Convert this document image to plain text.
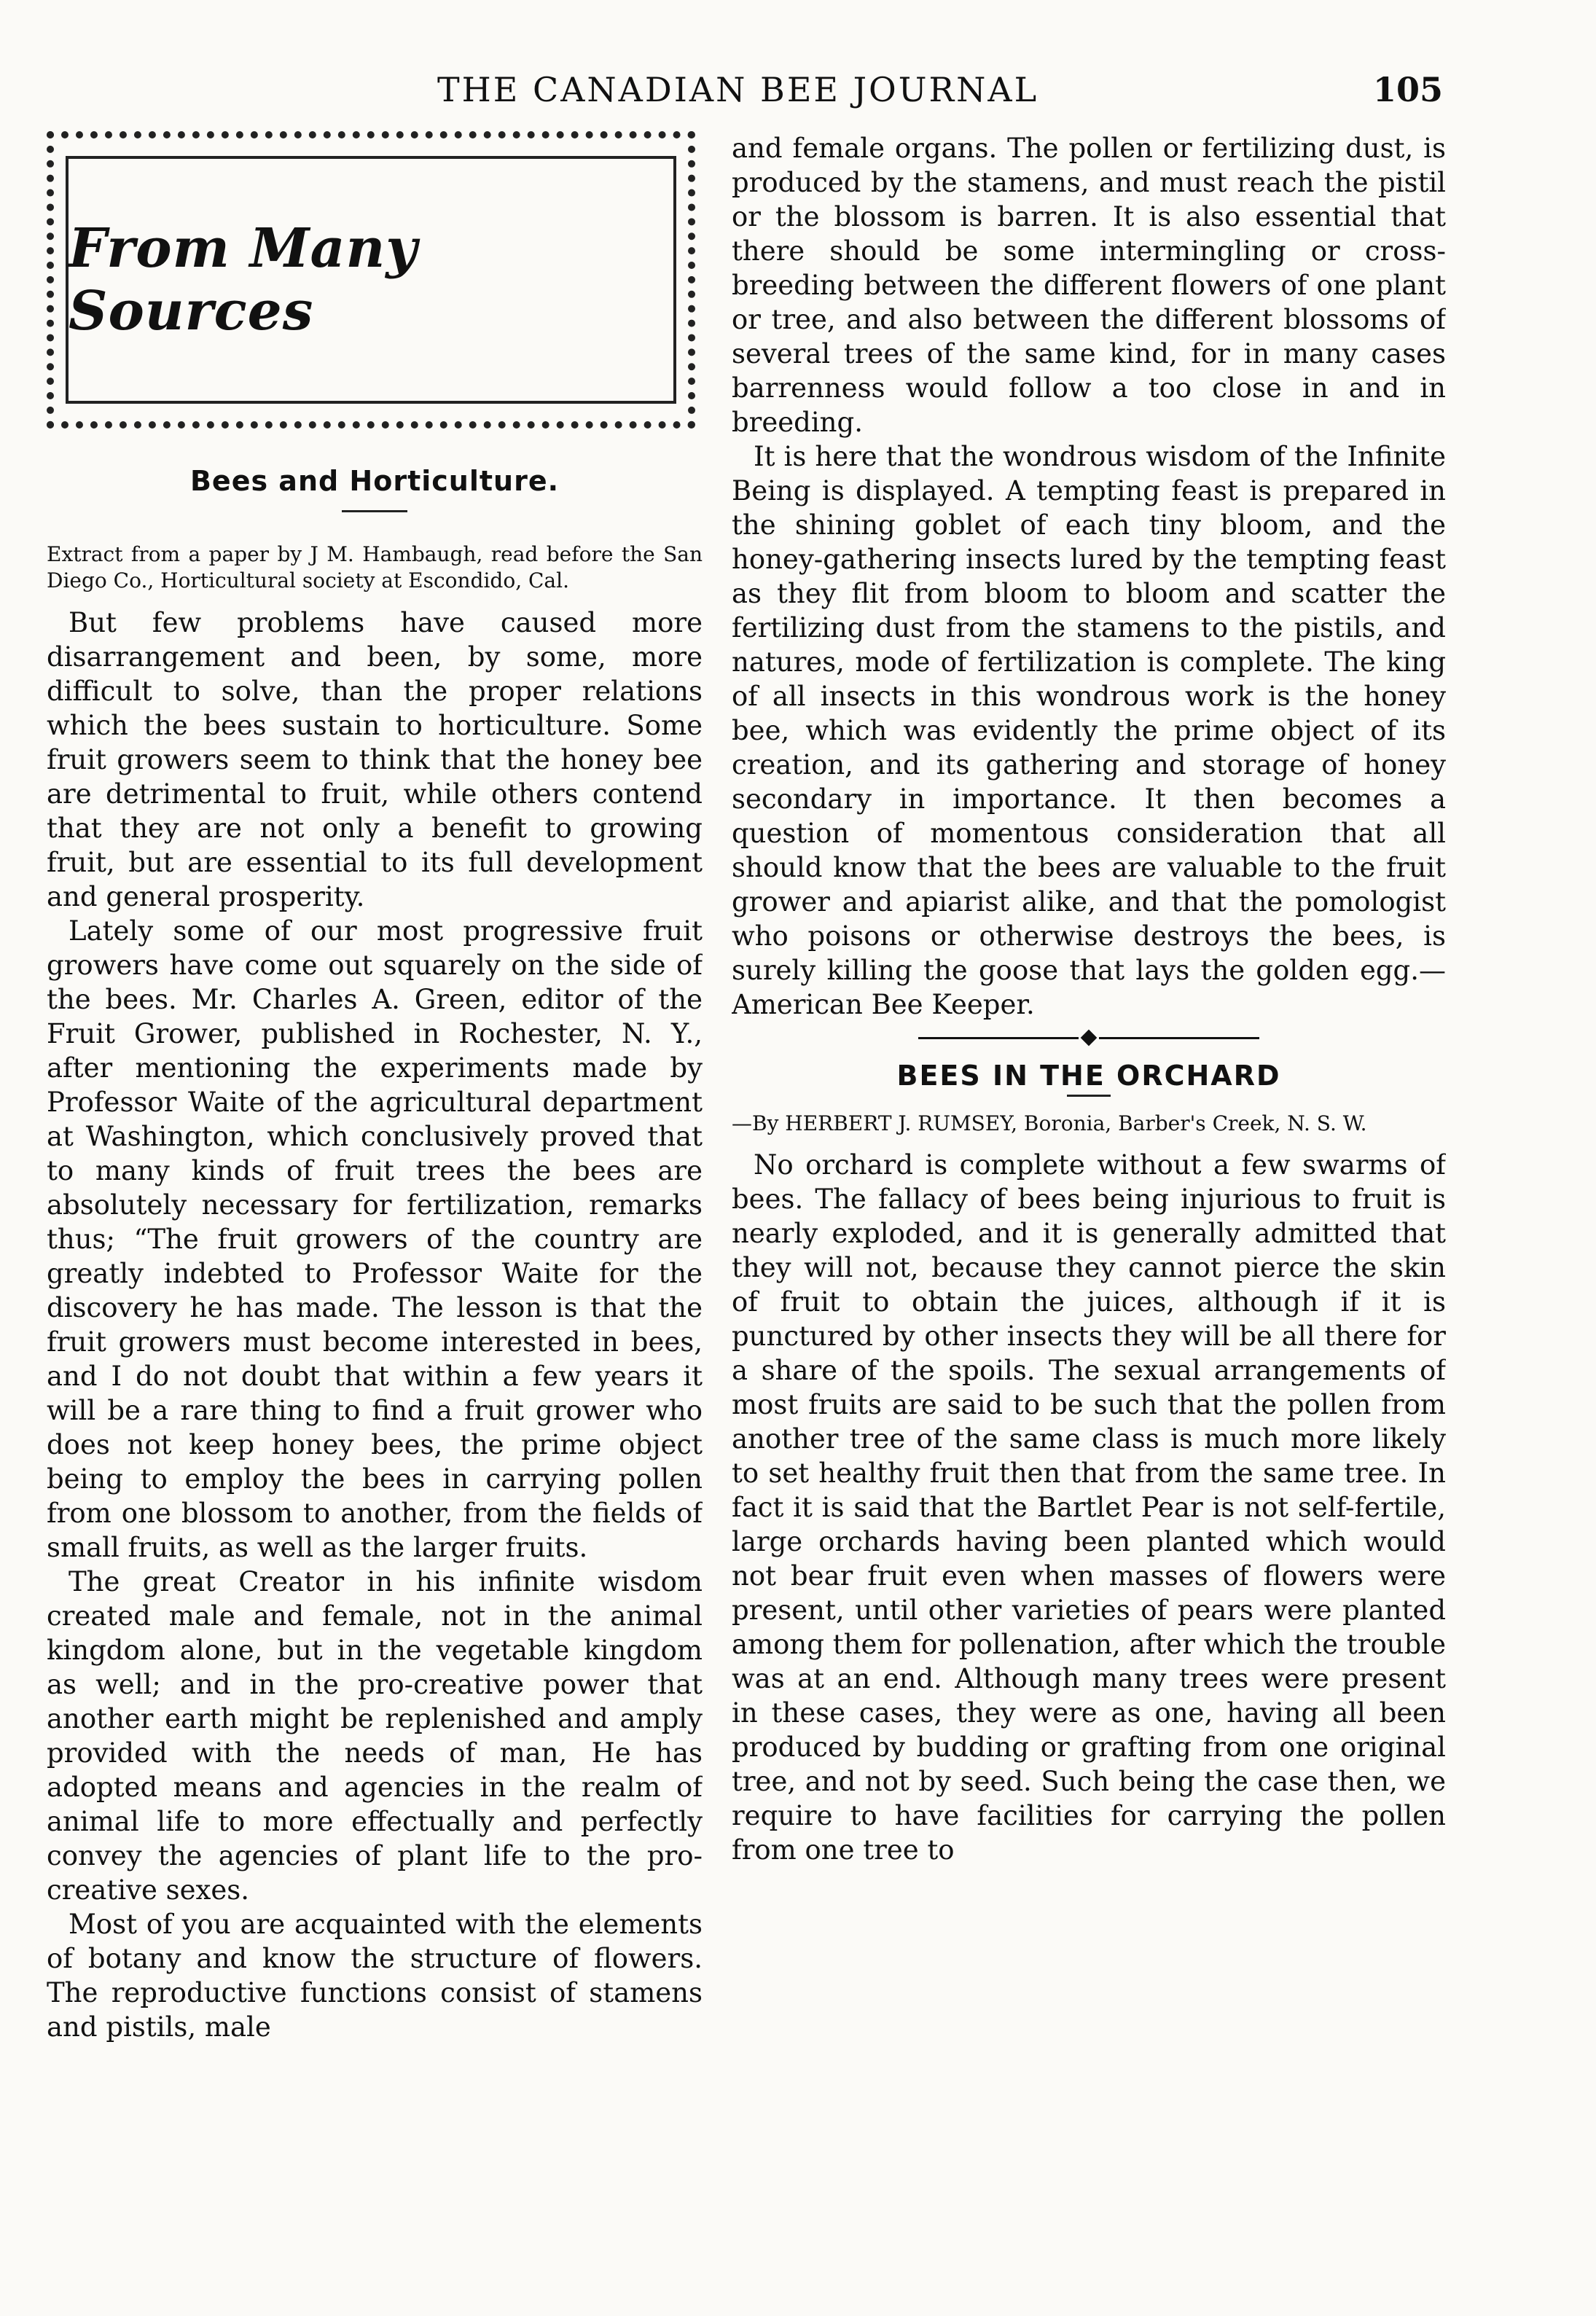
THE CANADIAN BEE JOURNAL	105
From Many Sources
Bees and Horticulture.

Extract from a paper by J M. Hambaugh, read before the San Diego Co., Horticultural society at Escondido, Cal.

But few problems have caused more disarrangement and been, by some, more difficult to solve, than the proper relations which the bees sustain to horticulture. Some fruit growers seem to think that the honey bee are detrimental to fruit, while others contend that they are not only a benefit to growing fruit, but are essential to its full development and general prosperity.

Lately some of our most progressive fruit growers have come out squarely on the side of the bees. Mr. Charles A. Green, editor of the Fruit Grower, published in Rochester, N. Y., after mentioning the experiments made by Professor Waite of the agricultural department at Washington, which conclusively proved that to many kinds of fruit trees the bees are absolutely necessary for fertilization, remarks thus; “The fruit growers of the country are greatly indebted to Professor Waite for the discovery he has made. The lesson is that the fruit growers must become interested in bees, and I do not doubt that within a few years it will be a rare thing to find a fruit grower who does not keep honey bees, the prime object being to employ the bees in carrying pollen from one blossom to another, from the fields of small fruits, as well as the larger fruits.

The great Creator in his infinite wisdom created male and female, not in the animal kingdom alone, but in the vegetable kingdom as well; and in the pro-creative power that another earth might be replenished and amply provided with the needs of man, He has adopted means and agencies in the realm of animal life to more effectually and perfectly convey the agencies of plant life to the pro-creative sexes.

Most of you are acquainted with the elements of botany and know the structure of flowers. The reproductive functions consist of stamens and pistils, male

and female organs. The pollen or fertilizing dust, is produced by the stamens, and must reach the pistil or the blossom is barren. It is also essential that there should be some intermingling or cross-breeding between the different flowers of one plant or tree, and also between the different blossoms of several trees of the same kind, for in many cases barrenness would follow a too close in and in breeding.

It is here that the wondrous wisdom of the Infinite Being is displayed. A tempting feast is prepared in the shining goblet of each tiny bloom, and the honey-gathering insects lured by the tempting feast as they flit from bloom to bloom and scatter the fertilizing dust from the stamens to the pistils, and natures, mode of fertilization is complete. The king of all insects in this wondrous work is the honey bee, which was evidently the prime object of its creation, and its gathering and storage of honey secondary in importance. It then becomes a question of momentous consideration that all should know that the bees are valuable to the fruit grower and apiarist alike, and that the pomologist who poisons or otherwise destroys the bees, is surely killing the goose that lays the golden egg.—American Bee Keeper.

BEES IN THE ORCHARD

—By HERBERT J. RUMSEY, Boronia, Barber's Creek, N. S. W.

No orchard is complete without a few swarms of bees. The fallacy of bees being injurious to fruit is nearly exploded, and it is generally admitted that they will not, because they cannot pierce the skin of fruit to obtain the juices, although if it is punctured by other insects they will be all there for a share of the spoils. The sexual arrangements of most fruits are said to be such that the pollen from another tree of the same class is much more likely to set healthy fruit then that from the same tree. In fact it is said that the Bartlet Pear is not self-fertile, large orchards having been planted which would not bear fruit even when masses of flowers were present, until other varieties of pears were planted among them for pollenation, after which the trouble was at an end. Although many trees were present in these cases, they were as one, having all been produced by budding or grafting from one original tree, and not by seed. Such being the case then, we require to have facilities for carrying the pollen from one tree to
